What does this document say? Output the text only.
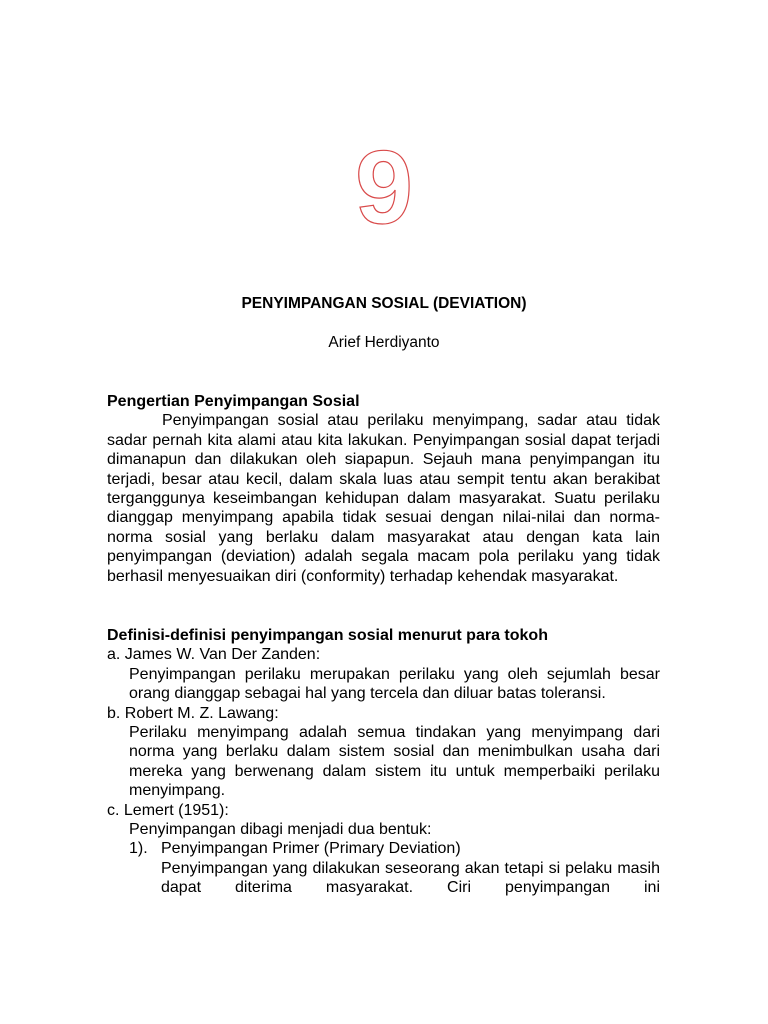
9
PENYIMPANGAN SOSIAL (DEVIATION)
Arief Herdiyanto

Pengertian Penyimpangan Sosial

Penyimpangan sosial atau perilaku menyimpang, sadar atau tidak sadar pernah kita alami atau kita lakukan. Penyimpangan sosial dapat terjadi dimanapun dan dilakukan oleh siapapun. Sejauh mana penyimpangan itu terjadi, besar atau kecil, dalam skala luas atau sempit tentu akan berakibat terganggunya keseimbangan kehidupan dalam masyarakat. Suatu perilaku dianggap menyimpang apabila tidak sesuai dengan nilai-nilai dan norma-norma sosial yang berlaku dalam masyarakat atau dengan kata lain penyimpangan (deviation) adalah segala macam pola perilaku yang tidak berhasil menyesuaikan diri (conformity) terhadap kehendak masyarakat.

Definisi-definisi penyimpangan sosial menurut para tokoh

a. James W. Van Der Zanden:

Penyimpangan perilaku merupakan perilaku yang oleh sejumlah besar orang dianggap sebagai hal yang tercela dan diluar batas toleransi.

b. Robert M. Z. Lawang:

Perilaku menyimpang adalah semua tindakan yang menyimpang dari norma yang berlaku dalam sistem sosial dan menimbulkan usaha dari mereka yang berwenang dalam sistem itu untuk memperbaiki perilaku menyimpang.

c. Lemert (1951):

Penyimpangan dibagi menjadi dua bentuk:

1). Penyimpangan Primer (Primary Deviation)

Penyimpangan yang dilakukan seseorang akan tetapi si pelaku masih dapat diterima masyarakat. Ciri penyimpangan ini
